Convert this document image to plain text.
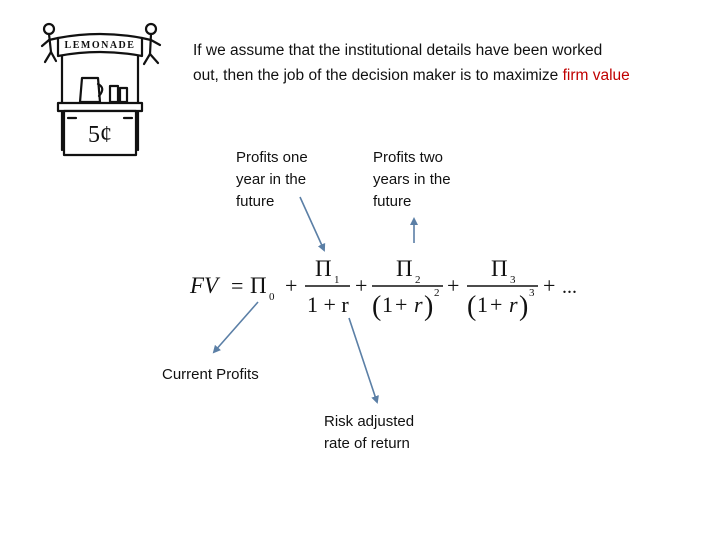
If we assume that the institutional details have been worked
out, then the job of the decision maker is to maximize firm value
Profits one
year in the
future
Profits two
years in the
future
Current Profits
Risk adjusted
rate of return
LEMONADE
5¢
FV = Π 0 +
Π 1
1 + r
+
Π 2
( 1 + r ) 2 +
Π 3
( 1 + r ) 3 + ...
